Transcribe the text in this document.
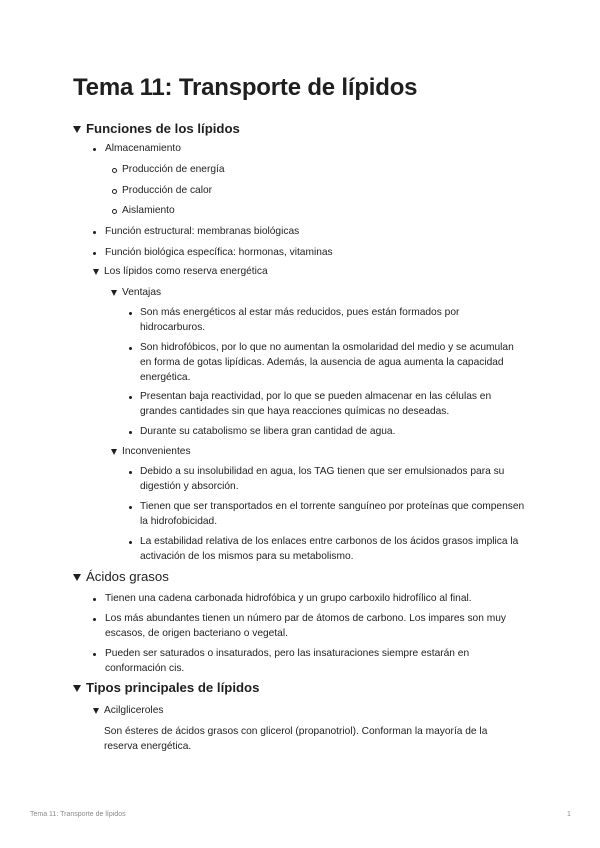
Tema 11: Transporte de lípidos

Funciones de los lípidos

Almacenamiento

Producción de energía

Producción de calor

Aislamiento

Función estructural: membranas biológicas

Función biológica específica: hormonas, vitaminas

Los lípidos como reserva energética

Ventajas

Son más energéticos al estar más reducidos, pues están formados por

hidrocarburos.

Son hidrofóbicos, por lo que no aumentan la osmolaridad del medio y se acumulan

en forma de gotas lipídicas. Además, la ausencia de agua aumenta la capacidad

energética.

Presentan baja reactividad, por lo que se pueden almacenar en las células en

grandes cantidades sin que haya reacciones químicas no deseadas.

Durante su catabolismo se libera gran cantidad de agua.

Inconvenientes

Debido a su insolubilidad en agua, los TAG tienen que ser emulsionados para su

digestión y absorción.

Tienen que ser transportados en el torrente sanguíneo por proteínas que compensen

la hidrofobicidad.

La estabilidad relativa de los enlaces entre carbonos de los ácidos grasos implica la

activación de los mismos para su metabolismo.

Ácidos grasos

Tienen una cadena carbonada hidrofóbica y un grupo carboxilo hidrofílico al final.

Los más abundantes tienen un número par de átomos de carbono. Los impares son muy

escasos, de origen bacteriano o vegetal.

Pueden ser saturados o insaturados, pero las insaturaciones siempre estarán en

conformación cis.

Tipos principales de lípidos

Acilgliceroles

Son ésteres de ácidos grasos con glicerol (propanotriol). Conforman la mayoría de la

reserva energética.

Tema 11: Transporte de lípidos	1
